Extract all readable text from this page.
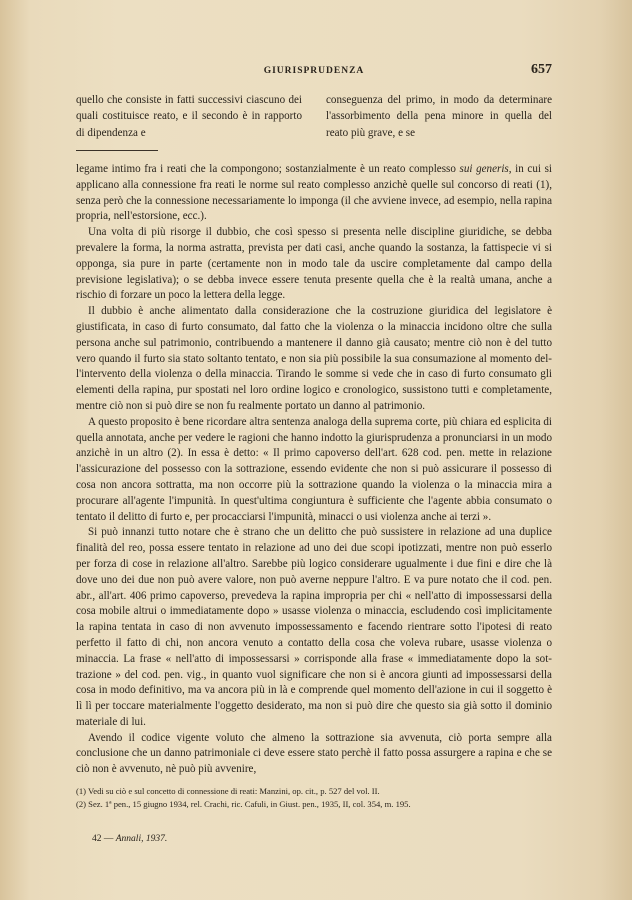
GIURISPRUDENZA	657
quello che consiste in fatti successivi ciascuno dei quali costituisce reato, e il secondo è in rapporto di dipendenza e
conseguenza del primo, in modo da determinare l'assorbimento della pena minore in quella del reato più grave, e se

legame intimo fra i reati che la compongono; sostanzialmente è un reato complesso sui generis, in cui si applicano alla connessione fra reati le norme sul reato complesso anzichè quelle sul concorso di reati (1), senza però che la connessione necessariamente lo imponga (il che avviene invece, ad esempio, nella rapina propria, nell'estorsione, ecc.).

Una volta di più risorge il dubbio, che così spesso si presenta nelle discipline giuridiche, se debba prevalere la forma, la norma astratta, prevista per dati casi, anche quando la sostanza, la fattispecie vi si opponga, sia pure in parte (certamente non in modo tale da uscire completamente dal campo della previsione legislativa); o se debba invece essere tenuta presente quella che è la realtà umana, anche a rischio di forzare un poco la lettera della legge.

Il dubbio è anche alimentato dalla considerazione che la costruzione giuridica del legislatore è giustificata, in caso di furto consumato, dal fatto che la violenza o la minaccia incidono oltre che sulla persona anche sul patrimonio, contribuendo a mantenere il danno già causato; mentre ciò non è del tutto vero quando il furto sia stato soltanto tentato, e non sia più possibile la sua consumazione al momento dell'intervento della violenza o della minaccia. Tirando le somme si vede che in caso di furto consumato gli elementi della rapina, pur spostati nel loro ordine logico e cronologico, sussistono tutti e completamente, mentre ciò non si può dire se non fu realmente portato un danno al patrimonio.

A questo proposito è bene ricordare altra sentenza analoga della suprema corte, più chiara ed esplicita di quella annotata, anche per vedere le ragioni che hanno indotto la giurisprudenza a pronunciarsi in un modo anzichè in un altro (2). In essa è detto: « Il primo capoverso dell'art. 628 cod. pen. mette in relazione l'assicurazione del possesso con la sottrazione, essendo evidente che non si può assicurare il possesso di cosa non ancora sottratta, ma non occorre più la sottrazione quando la violenza o la minaccia mira a procurare all'agente l'impunità. In quest'ultima congiuntura è sufficiente che l'agente abbia consumato o tentato il delitto di furto e, per procacciarsi l'impunità, minacci o usi violenza anche ai terzi ».

Si può innanzi tutto notare che è strano che un delitto che può sussistere in relazione ad una duplice finalità del reo, possa essere tentato in relazione ad uno dei due scopi ipotizzati, mentre non può esserlo per forza di cose in relazione all'altro. Sarebbe più logico considerare ugualmente i due fini e dire che là dove uno dei due non può avere valore, non può averne neppure l'altro. E va pure notato che il cod. pen. abr., all'art. 406 primo capoverso, prevedeva la rapina impropria per chi « nell'atto di impossessarsi della cosa mobile altrui o immediatamente dopo » usasse violenza o minaccia, escludendo così implicitamente la rapina tentata in caso di non avvenuto impossessamento e facendo rientrare sotto l'ipotesi di reato perfetto il fatto di chi, non ancora venuto a contatto della cosa che voleva rubare, usasse violenza o minaccia. La frase « nell'atto di impossessarsi » corrisponde alla frase « immediatamente dopo la sottrazione » del cod. pen. vig., in quanto vuol significare che non si è ancora giunti ad impossessarsi della cosa in modo definitivo, ma va ancora più in là e comprende quel momento dell'azione in cui il soggetto è lì lì per toccare materialmente l'oggetto desiderato, ma non si può dire che questo sia già sotto il dominio materiale di lui.

Avendo il codice vigente voluto che almeno la sottrazione sia avvenuta, ciò porta sempre alla conclusione che un danno patrimoniale ci deve essere stato perchè il fatto possa assurgere a rapina e che se ciò non è avvenuto, nè può più avvenire,

(1) Vedi su ciò e sul concetto di connessione di reati: Manzini, op. cit., p. 527 del vol. II.
(2) Sez. 1ª pen., 15 giugno 1934, rel. Crachi, ric. Cafuli, in Giust. pen., 1935, II, col. 354, m. 195.
42 — Annali, 1937.
